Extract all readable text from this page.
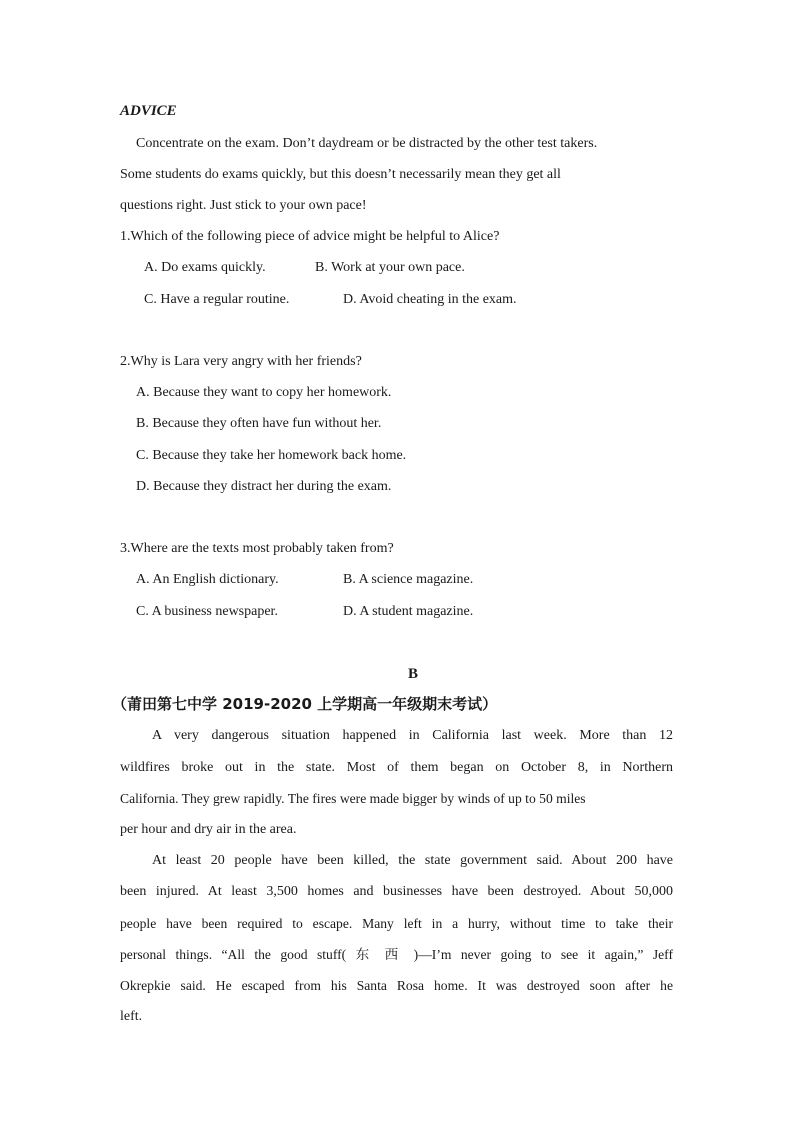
ADVICE
Concentrate on the exam. Don’t daydream or be distracted by the other test takers.
Some students do exams quickly, but this doesn’t necessarily mean they get all
questions right. Just stick to your own pace!
1.Which of the following piece of advice might be helpful to Alice?
A. Do exams quickly.	B. Work at your own pace.
C. Have a regular routine.	D. Avoid cheating in the exam.
2.Why is Lara very angry with her friends?
A. Because they want to copy her homework.
B. Because they often have fun without her.
C. Because they take her homework back home.
D. Because they distract her during the exam.
3.Where are the texts most probably taken from?
A. An English dictionary.	B. A science magazine.
C. A business newspaper.	D. A student magazine.
B
（莆田第七中学 2019-2020 上学期高一年级期末考试）
A very dangerous situation happened in California last week. More than 12
wildfires broke out in the state. Most of them began on October 8, in Northern
California. They grew rapidly. The fires were made bigger by winds of up to 50 miles
per hour and dry air in the area.
At least 20 people have been killed, the state government said. About 200 have
been injured. At least 3,500 homes and businesses have been destroyed. About 50,000
people have been required to escape. Many left in a hurry, without time to take their
personal things. “All the good stuff( 东 西 )—I’m never going to see it again,” Jeff
Okrepkie said. He escaped from his Santa Rosa home. It was destroyed soon after he
left.
